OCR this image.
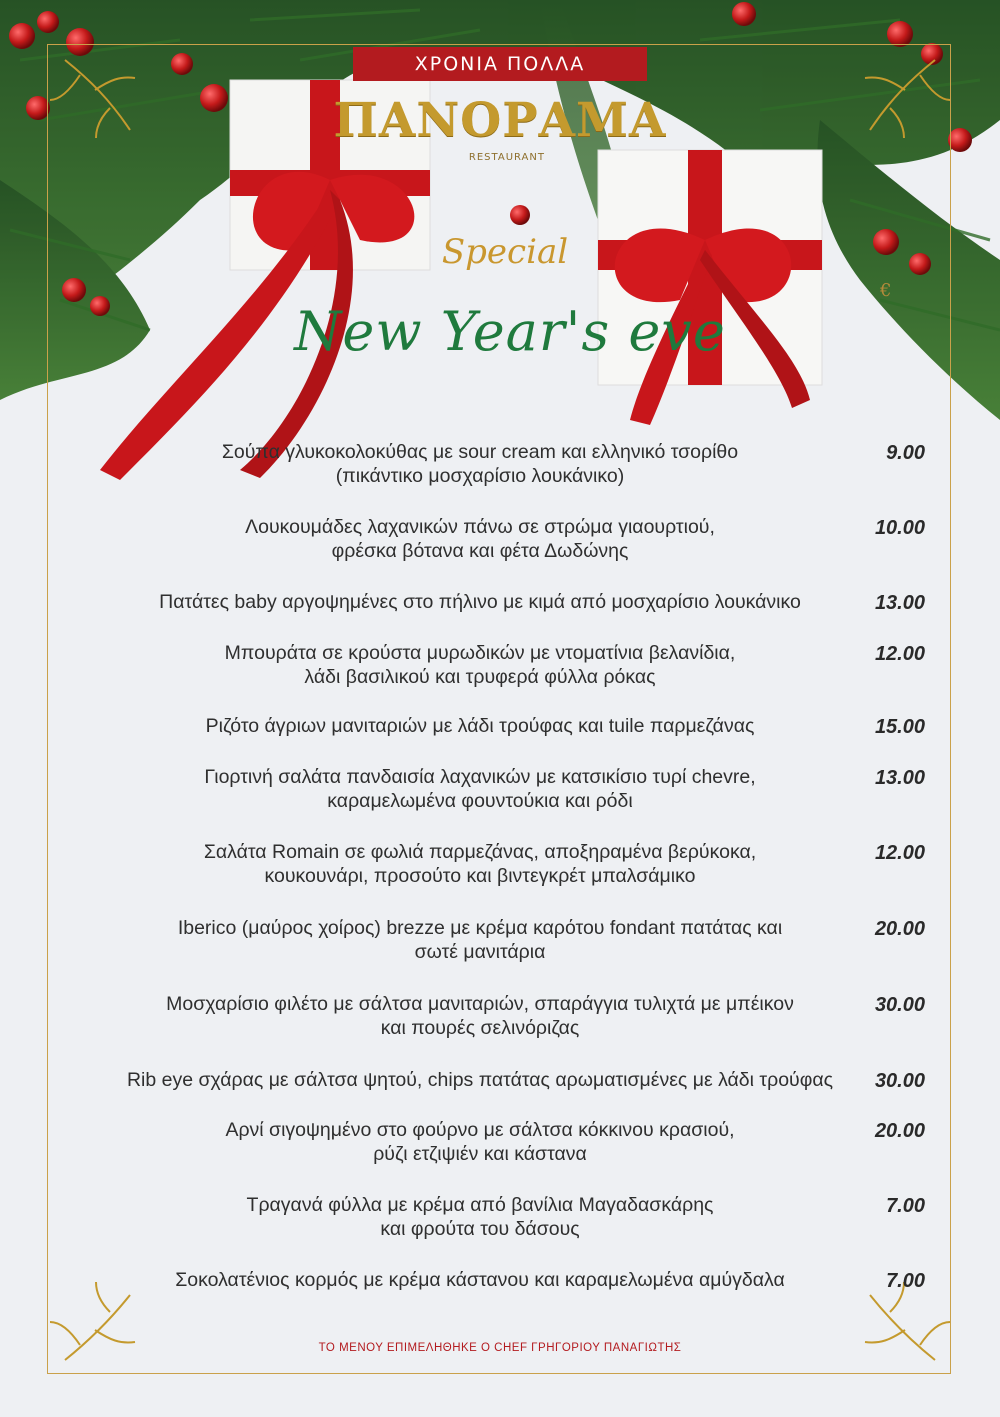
ΧΡΟΝΙΑ ΠΟΛΛΑ
ΠΑΝΟΡΑΜΑ
RESTAURANT
Special
New Year's eve
€
Σούπα γλυκοκολοκύθας με sour cream και ελληνικό τσορίθο
(πικάντικο μοσχαρίσιο λουκάνικο)
9.00
Λουκουμάδες λαχανικών πάνω σε στρώμα γιαουρτιού,
φρέσκα βότανα και φέτα Δωδώνης
10.00
Πατάτες baby αργοψημένες στο πήλινο με κιμά από μοσχαρίσιο λουκάνικο	13.00
Μπουράτα σε κρούστα μυρωδικών με ντοματίνια βελανίδια,
λάδι βασιλικού και τρυφερά φύλλα ρόκας
12.00
Ριζότο άγριων μανιταριών με λάδι τρούφας και tuile παρμεζάνας	15.00
Γιορτινή σαλάτα πανδαισία λαχανικών με κατσικίσιο τυρί chevre,
καραμελωμένα φουντούκια και ρόδι
13.00
Σαλάτα Romain σε φωλιά παρμεζάνας, αποξηραμένα βερύκοκα,
κουκουνάρι, προσούτο και βιντεγκρέτ μπαλσάμικο
12.00
Iberico (μαύρος χοίρος) brezze με κρέμα καρότου fondant πατάτας και
σωτέ μανιτάρια
20.00
Μοσχαρίσιο φιλέτο με σάλτσα μανιταριών, σπαράγγια τυλιχτά με μπέικον
και πουρές σελινόριζας
30.00
Rib eye σχάρας με σάλτσα ψητού, chips πατάτας αρωματισμένες με λάδι τρούφας	30.00
Αρνί σιγοψημένο στο φούρνο με σάλτσα κόκκινου κρασιού,
ρύζι ετζιψιέν και κάστανα
20.00
Τραγανά φύλλα με κρέμα από βανίλια Μαγαδασκάρης
και φρούτα του δάσους
7.00
Σοκολατένιος κορμός με κρέμα κάστανου και καραμελωμένα αμύγδαλα	7.00
ΤΟ ΜΕΝΟΥ ΕΠΙΜΕΛΗΘΗΚΕ Ο CHEF ΓΡΗΓΟΡΙΟΥ ΠΑΝΑΓΙΩΤΗΣ
